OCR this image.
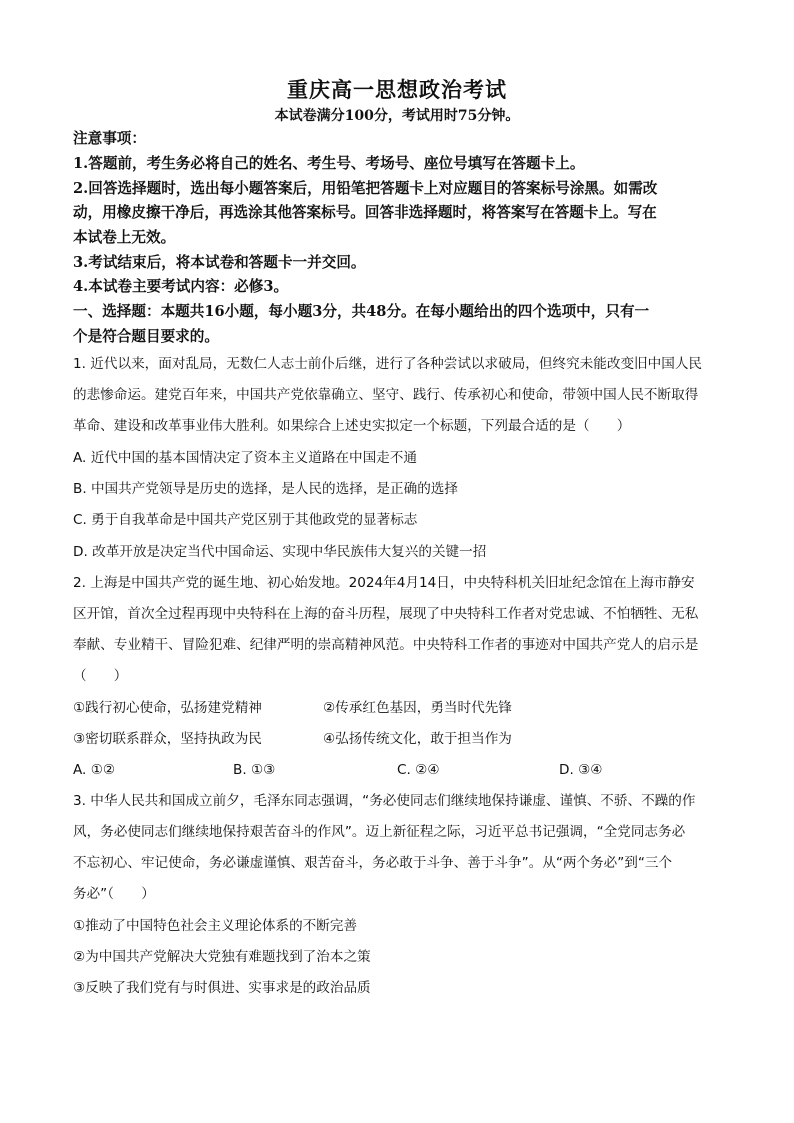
重庆高一思想政治考试
本试卷满分100分，考试用时75分钟。
注意事项：
1.答题前，考生务必将自己的姓名、考生号、考场号、座位号填写在答题卡上。
2.回答选择题时，选出每小题答案后，用铅笔把答题卡上对应题目的答案标号涂黑。如需改
动，用橡皮擦干净后，再选涂其他答案标号。回答非选择题时，将答案写在答题卡上。写在
本试卷上无效。
3.考试结束后，将本试卷和答题卡一并交回。
4.本试卷主要考试内容：必修3。
一、选择题：本题共16小题，每小题3分，共48分。在每小题给出的四个选项中，只有一
个是符合题目要求的。
1. 近代以来，面对乱局，无数仁人志士前仆后继，进行了各种尝试以求破局，但终究未能改变旧中国人民
的悲惨命运。建党百年来，中国共产党依靠确立、坚守、践行、传承初心和使命，带领中国人民不断取得
革命、建设和改革事业伟大胜利。如果综合上述史实拟定一个标题，下列最合适的是（　　）
A. 近代中国的基本国情决定了资本主义道路在中国走不通
B. 中国共产党领导是历史的选择，是人民的选择，是正确的选择
C. 勇于自我革命是中国共产党区别于其他政党的显著标志
D. 改革开放是决定当代中国命运、实现中华民族伟大复兴的关键一招
2. 上海是中国共产党的诞生地、初心始发地。2024年4月14日，中央特科机关旧址纪念馆在上海市静安
区开馆，首次全过程再现中央特科在上海的奋斗历程，展现了中央特科工作者对党忠诚、不怕牺牲、无私
奉献、专业精干、冒险犯难、纪律严明的崇高精神风范。中央特科工作者的事迹对中国共产党人的启示是
（　　）
①践行初心使命，弘扬建党精神	②传承红色基因，勇当时代先锋
③密切联系群众，坚持执政为民	④弘扬传统文化，敢于担当作为
A. ①②	B. ①③	C. ②④	D. ③④
3. 中华人民共和国成立前夕，毛泽东同志强调，“务必使同志们继续地保持谦虚、谨慎、不骄、不躁的作
风，务必使同志们继续地保持艰苦奋斗的作风”。迈上新征程之际，习近平总书记强调，“全党同志务必
不忘初心、牢记使命，务必谦虚谨慎、艰苦奋斗，务必敢于斗争、善于斗争”。从“两个务必”到“三个
务必”（　　）
①推动了中国特色社会主义理论体系的不断完善
②为中国共产党解决大党独有难题找到了治本之策
③反映了我们党有与时俱进、实事求是的政治品质
